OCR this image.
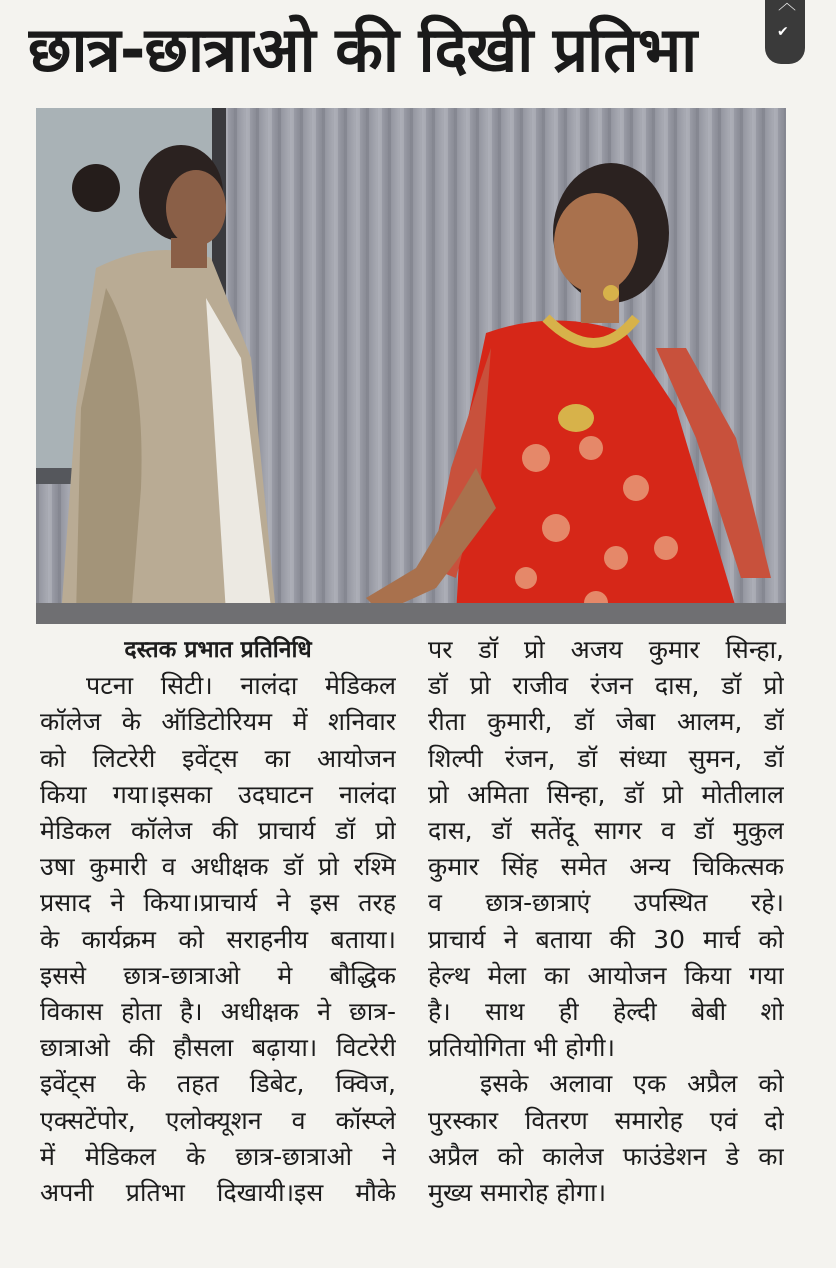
छात्र-छात्राओ की दिखी प्रतिभा
︿
✔

दस्तक प्रभात प्रतिनिधि

पटना सिटी। नालंदा मेडिकल

कॉलेज के ऑडिटोरियम में शनिवार

को लिटरेरी इवेंट्स का आयोजन

किया गया।इसका उदघाटन नालंदा

मेडिकल कॉलेज की प्राचार्य डॉ प्रो

उषा कुमारी व अधीक्षक डॉ प्रो रश्मि

प्रसाद ने किया।प्राचार्य ने इस तरह

के कार्यक्रम को सराहनीय बताया।

इससे छात्र-छात्राओ मे बौद्धिक

विकास होता है। अधीक्षक ने छात्र-

छात्राओ की हौसला बढ़ाया। विटरेरी

इवेंट्स के तहत डिबेट, क्विज,

एक्सटेंपोर, एलोक्यूशन व कॉस्प्ले

में मेडिकल के छात्र-छात्राओ ने

अपनी प्रतिभा दिखायी।इस मौके

पर डॉ प्रो अजय कुमार सिन्हा,

डॉ प्रो राजीव रंजन दास, डॉ प्रो

रीता कुमारी, डॉ जेबा आलम, डॉ

शिल्पी रंजन, डॉ संध्या सुमन, डॉ

प्रो अमिता सिन्हा, डॉ प्रो मोतीलाल

दास, डॉ सतेंदू सागर व डॉ मुकुल

कुमार सिंह समेत अन्य चिकित्सक

व छात्र-छात्राएं उपस्थित रहे।

प्राचार्य ने बताया की 30 मार्च को

हेल्थ मेला का आयोजन किया गया

है। साथ ही हेल्दी बेबी शो

प्रतियोगिता भी होगी।

इसके अलावा एक अप्रैल को

पुरस्कार वितरण समारोह एवं दो

अप्रैल को कालेज फाउंडेशन डे का

मुख्य समारोह होगा।
